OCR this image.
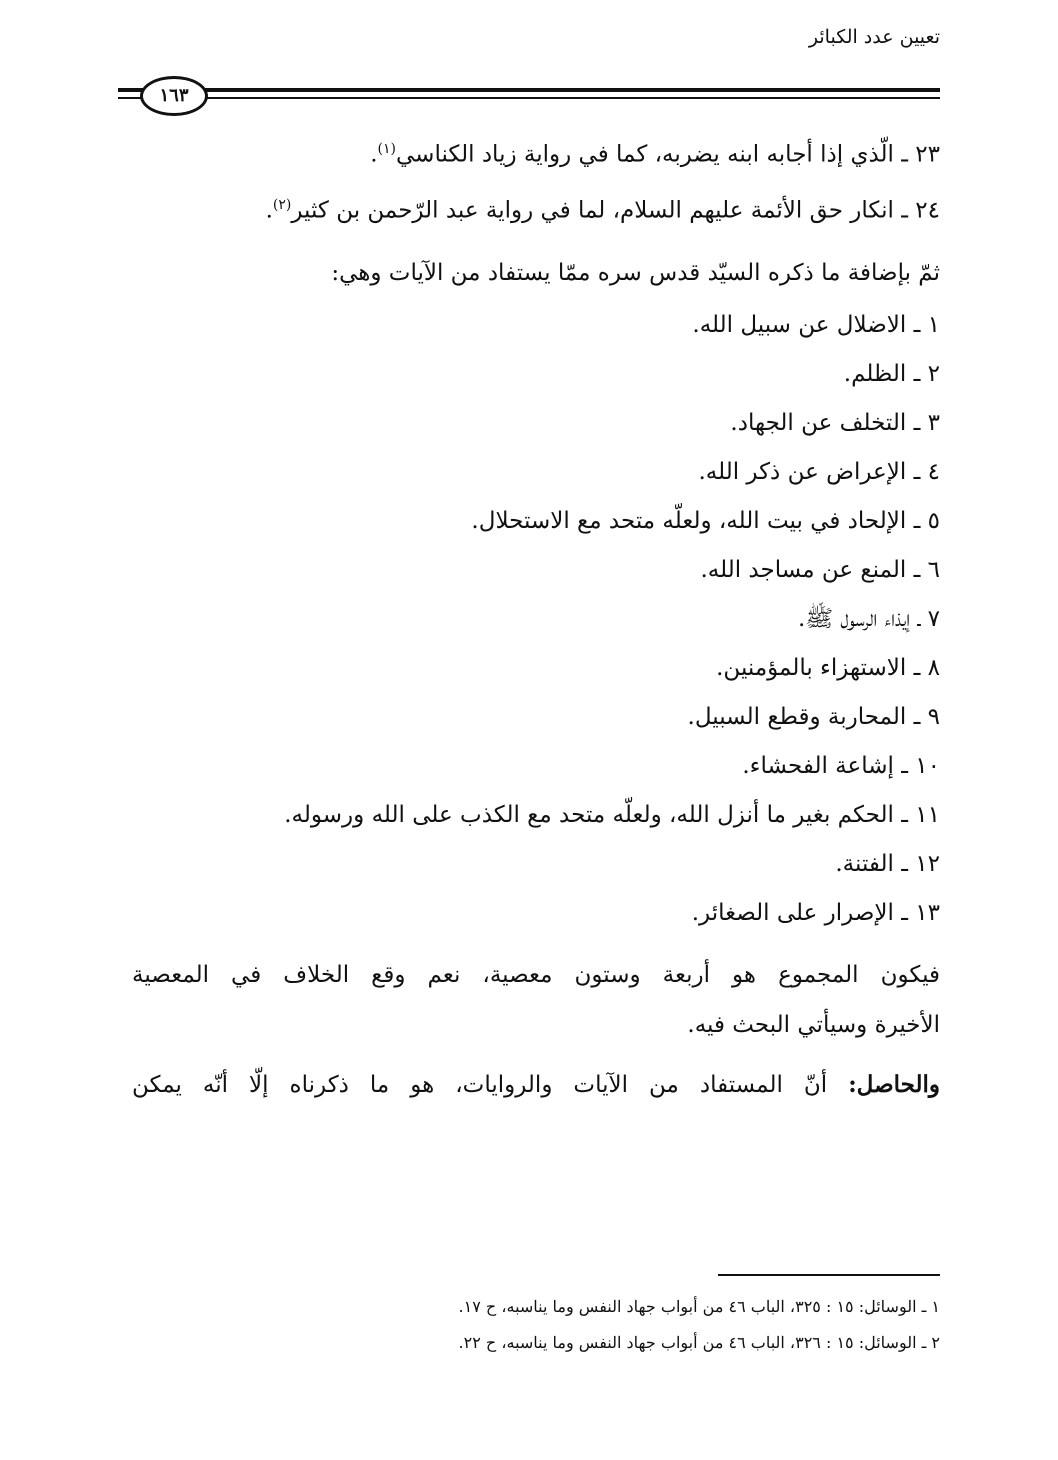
تعيين عدد الكبائر
١٦٣
٢٣ ـ الّذي إذا أجابه ابنه يضربه، كما في رواية زياد الكناسي$^{(١)}$.
٢٤ ـ انكار حق الأئمة عليهم السلام، لما في رواية عبد الرّحمن بن كثير$^{(٢)}$.
ثمّ بإضافة ما ذكره السيّد قدس سره ممّا يستفاد من الآيات وهي:
١ ـ الاضلال عن سبيل الله.
٢ ـ الظلم.
٣ ـ التخلف عن الجهاد.
٤ ـ الإعراض عن ذكر الله.
٥ ـ الإلحاد في بيت الله، ولعلّه متحد مع الاستحلال.
٦ ـ المنع عن مساجد الله.
٧ ـ إيذاء الرسول ﷺ.
٨ ـ الاستهزاء بالمؤمنين.
٩ ـ المحاربة وقطع السبيل.
١٠ ـ إشاعة الفحشاء.
١١ ـ الحكم بغير ما أنزل الله، ولعلّه متحد مع الكذب على الله ورسوله.
١٢ ـ الفتنة.
١٣ ـ الإصرار على الصغائر.
فيكون المجموع هو أربعة وستون معصية، نعم وقع الخلاف في المعصية
الأخيرة وسيأتي البحث فيه.
والحاصل: أنّ المستفاد من الآيات والروايات، هو ما ذكرناه إلّا أنّه يمكن
١ ـ الوسائل: ١٥ : ٣٢٥، الباب ٤٦ من أبواب جهاد النفس وما يناسبه، ح ١٧.
٢ ـ الوسائل: ١٥ : ٣٢٦، الباب ٤٦ من أبواب جهاد النفس وما يناسبه، ح ٢٢.
